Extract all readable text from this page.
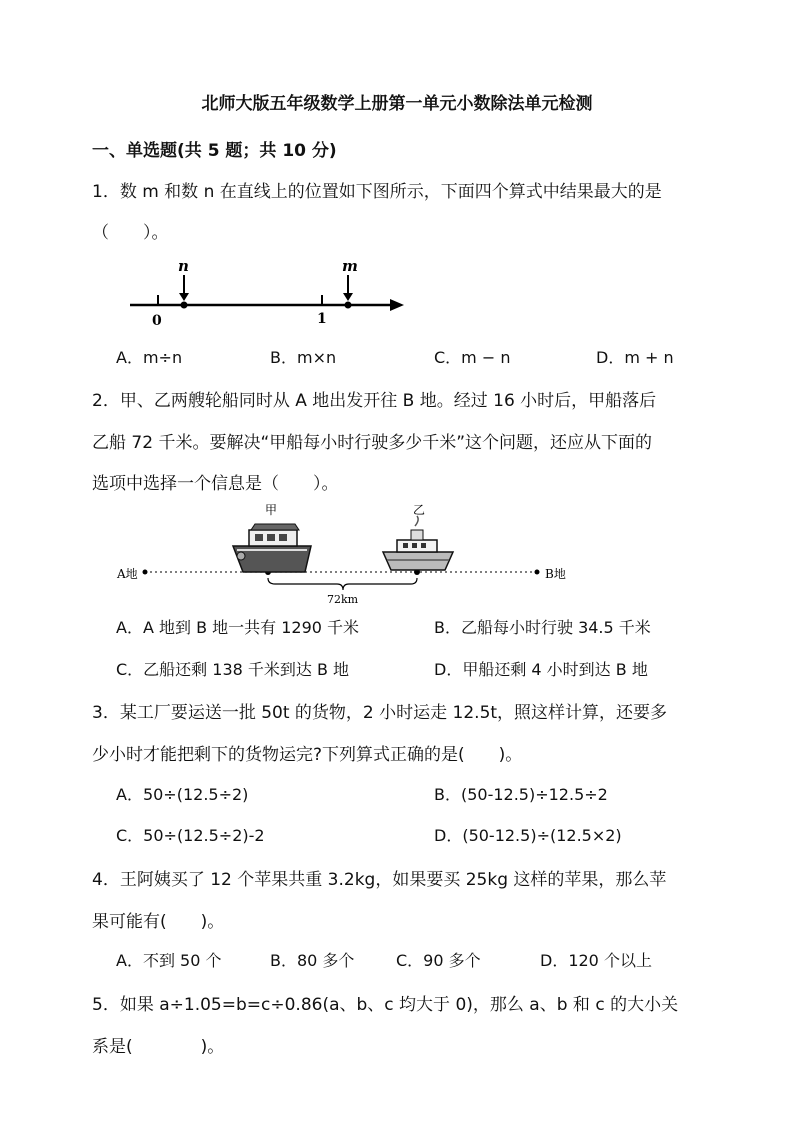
北师大版五年级数学上册第一单元小数除法单元检测
一、单选题(共 5 题；共 10 分)
1．数 m 和数 n 在直线上的位置如下图所示，下面四个算式中结果最大的是
（　　）。
n	m
0	1
A．m÷n	B．m×n	C．m − n	D．m + n
2．甲、乙两艘轮船同时从 A 地出发开往 B 地。经过 16 小时后，甲船落后
乙船 72 千米。要解决“甲船每小时行驶多少千米”这个问题，还应从下面的
选项中选择一个信息是（　　）。
A地	B地
甲	乙
72km
A．A 地到 B 地一共有 1290 千米	B．乙船每小时行驶 34.5 千米
C．乙船还剩 138 千米到达 B 地	D．甲船还剩 4 小时到达 B 地
3．某工厂要运送一批 50t 的货物，2 小时运走 12.5t，照这样计算，还要多
少小时才能把剩下的货物运完?下列算式正确的是(　　)。
A．50÷(12.5÷2)	B．(50-12.5)÷12.5÷2
C．50÷(12.5÷2)-2	D．(50-12.5)÷(12.5×2)
4．王阿姨买了 12 个苹果共重 3.2kg，如果要买 25kg 这样的苹果，那么苹
果可能有(　　)。
A．不到 50 个	B．80 多个	C．90 多个	D．120 个以上
5．如果 a÷1.05=b=c÷0.86(a、b、c 均大于 0)，那么 a、b 和 c 的大小关
系是(　　　　)。
